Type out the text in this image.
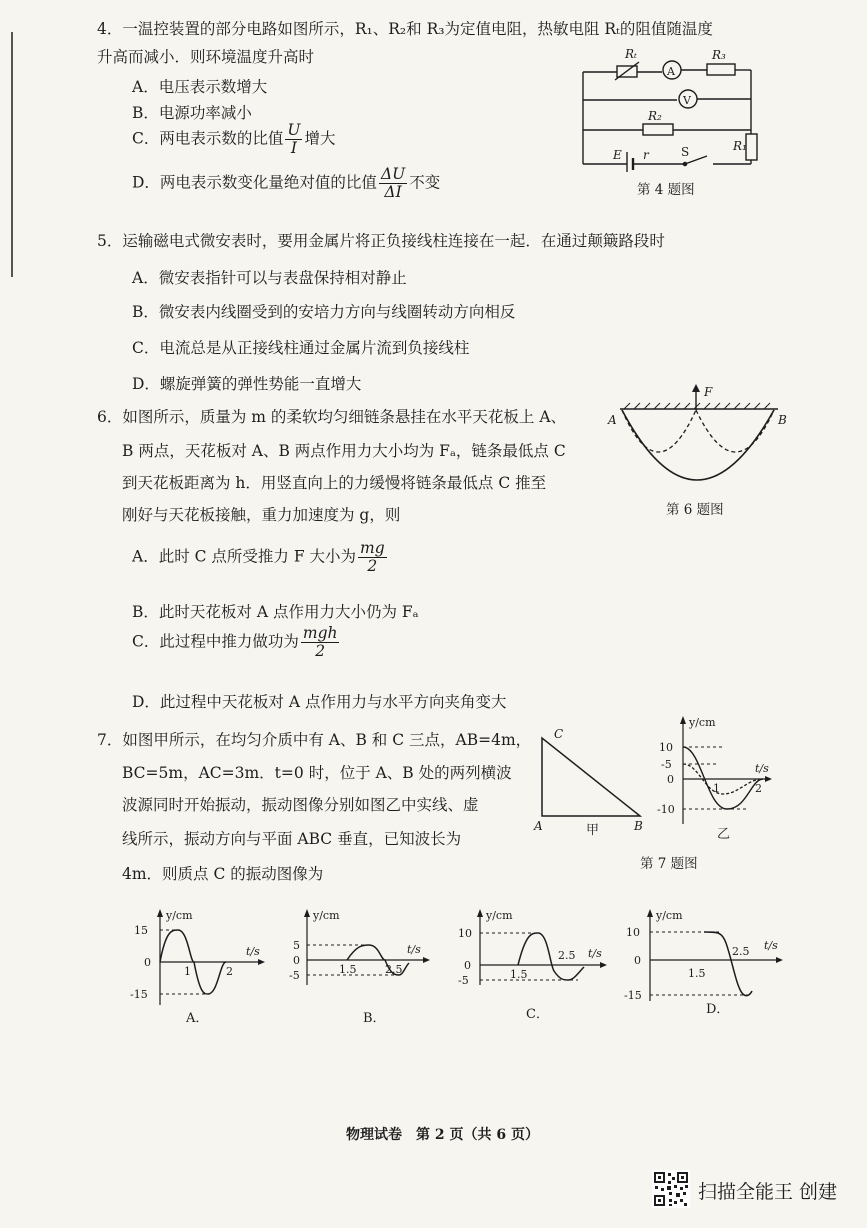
4．一温控装置的部分电路如图所示，R₁、R₂和 R₃为定值电阻，热敏电阻 Rₜ的阻值随温度
升高而减小．则环境温度升高时
A．电压表示数增大
B．电源功率减小
C．两电表示数的比值 $\frac{U}{I}$ 增大
D．两电表示数变化量绝对值的比值 $\frac{\Delta U}{\Delta I}$ 不变
Rₜ
A
R₃
V
R₂
R₁
E r	S
第 4 题图
5．运输磁电式微安表时，要用金属片将正负接线柱连接在一起．在通过颠簸路段时
A．微安表指针可以与表盘保持相对静止
B．微安表内线圈受到的安培力方向与线圈转动方向相反
C．电流总是从正接线柱通过金属片流到负接线柱
D．螺旋弹簧的弹性势能一直增大
6．如图所示，质量为 m 的柔软均匀细链条悬挂在水平天花板上 A、
B 两点，天花板对 A、B 两点作用力大小均为 Fₐ，链条最低点 C
到天花板距离为 h．用竖直向上的力缓慢将链条最低点 C 推至
刚好与天花板接触，重力加速度为 g，则
A．此时 C 点所受推力 F 大小为 $\frac{mg}{2}$
B．此时天花板对 A 点作用力大小仍为 Fₐ
C．此过程中推力做功为 $\frac{\text{mgh}}{2}$
D．此过程中天花板对 A 点作用力与水平方向夹角变大
F
A	B
第 6 题图
7．如图甲所示，在均匀介质中有 A、B 和 C 三点，AB=4m，
BC=5m，AC=3m．t=0 时，位于 A、B 处的两列横波
波源同时开始振动，振动图像分别如图乙中实线、虚
线所示，振动方向与平面 ABC 垂直，已知波长为
4m．则质点 C 的振动图像为
C
A	B
甲
y/cm
t/s
10
-5
0
-10
1	2
乙
第 7 题图
y/cm
t/s
15
0
-15
1	2
A．
y/cm
t/s
5
0
-5	1.5	2.5
B．
y/cm
t/s
10
0
-5	1.5
2.5
C．
y/cm
t/s
10
0
-15
1.5
2.5
D．
物理试卷　第 2 页（共 6 页）
扫描全能王 创建
